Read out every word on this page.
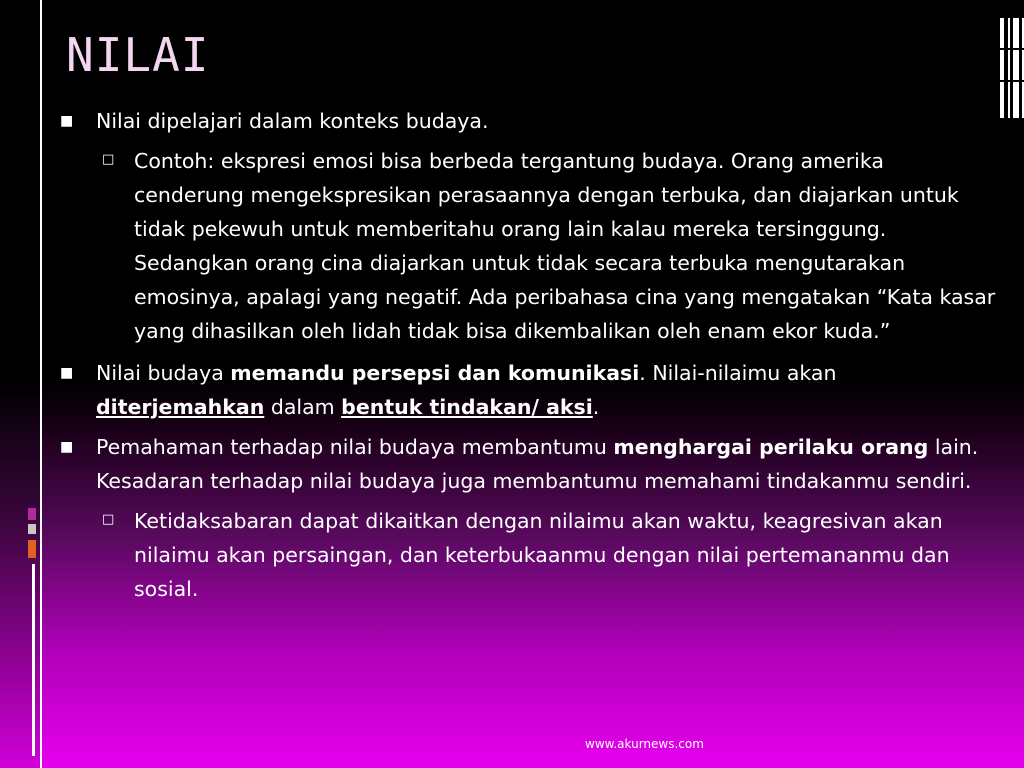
NILAI
■ Nilai dipelajari dalam konteks budaya.
□ Contoh: ekspresi emosi bisa berbeda tergantung budaya. Orang amerika cenderung mengekspresikan perasaannya dengan terbuka, dan diajarkan untuk tidak pekewuh untuk memberitahu orang lain kalau mereka tersinggung. Sedangkan orang cina diajarkan untuk tidak secara terbuka mengutarakan emosinya, apalagi yang negatif. Ada peribahasa cina yang mengatakan “Kata kasar yang dihasilkan oleh lidah tidak bisa dikembalikan oleh enam ekor kuda.”
■ Nilai budaya memandu persepsi dan komunikasi. Nilai-nilaimu akan diterjemahkan dalam bentuk tindakan/ aksi.
■ Pemahaman terhadap nilai budaya membantumu menghargai perilaku orang lain. Kesadaran terhadap nilai budaya juga membantumu memahami tindakanmu sendiri.
□ Ketidaksabaran dapat dikaitkan dengan nilaimu akan waktu, keagresivan akan nilaimu akan persaingan, dan keterbukaanmu dengan nilai pertemananmu dan sosial.
www.akurnews.com
